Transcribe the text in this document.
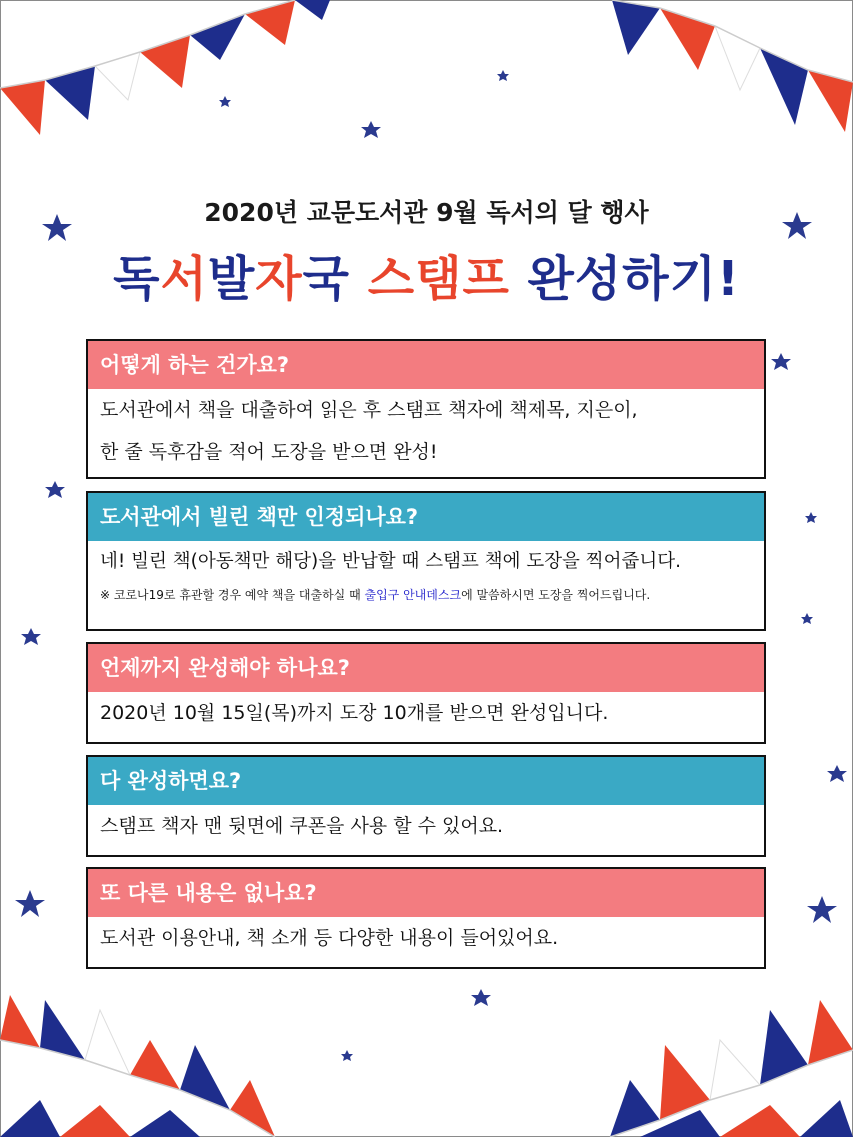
2020년 교문도서관 9월 독서의 달 행사
독서발자국 스탬프 완성하기!
어떻게 하는 건가요?
도서관에서 책을 대출하여 읽은 후 스탬프 책자에 책제목, 지은이,
한 줄 독후감을 적어 도장을 받으면 완성!
도서관에서 빌린 책만 인정되나요?
네! 빌린 책(아동책만 해당)을 반납할 때 스탬프 책에 도장을 찍어줍니다.
※ 코로나19로 휴관할 경우 예약 책을 대출하실 때 출입구 안내데스크에 말씀하시면 도장을 찍어드립니다.
언제까지 완성해야 하나요?
2020년 10월 15일(목)까지 도장 10개를 받으면 완성입니다.
다 완성하면요?
스탬프 책자 맨 뒷면에 쿠폰을 사용 할 수 있어요.
또 다른 내용은 없나요?
도서관 이용안내, 책 소개 등 다양한 내용이 들어있어요.
